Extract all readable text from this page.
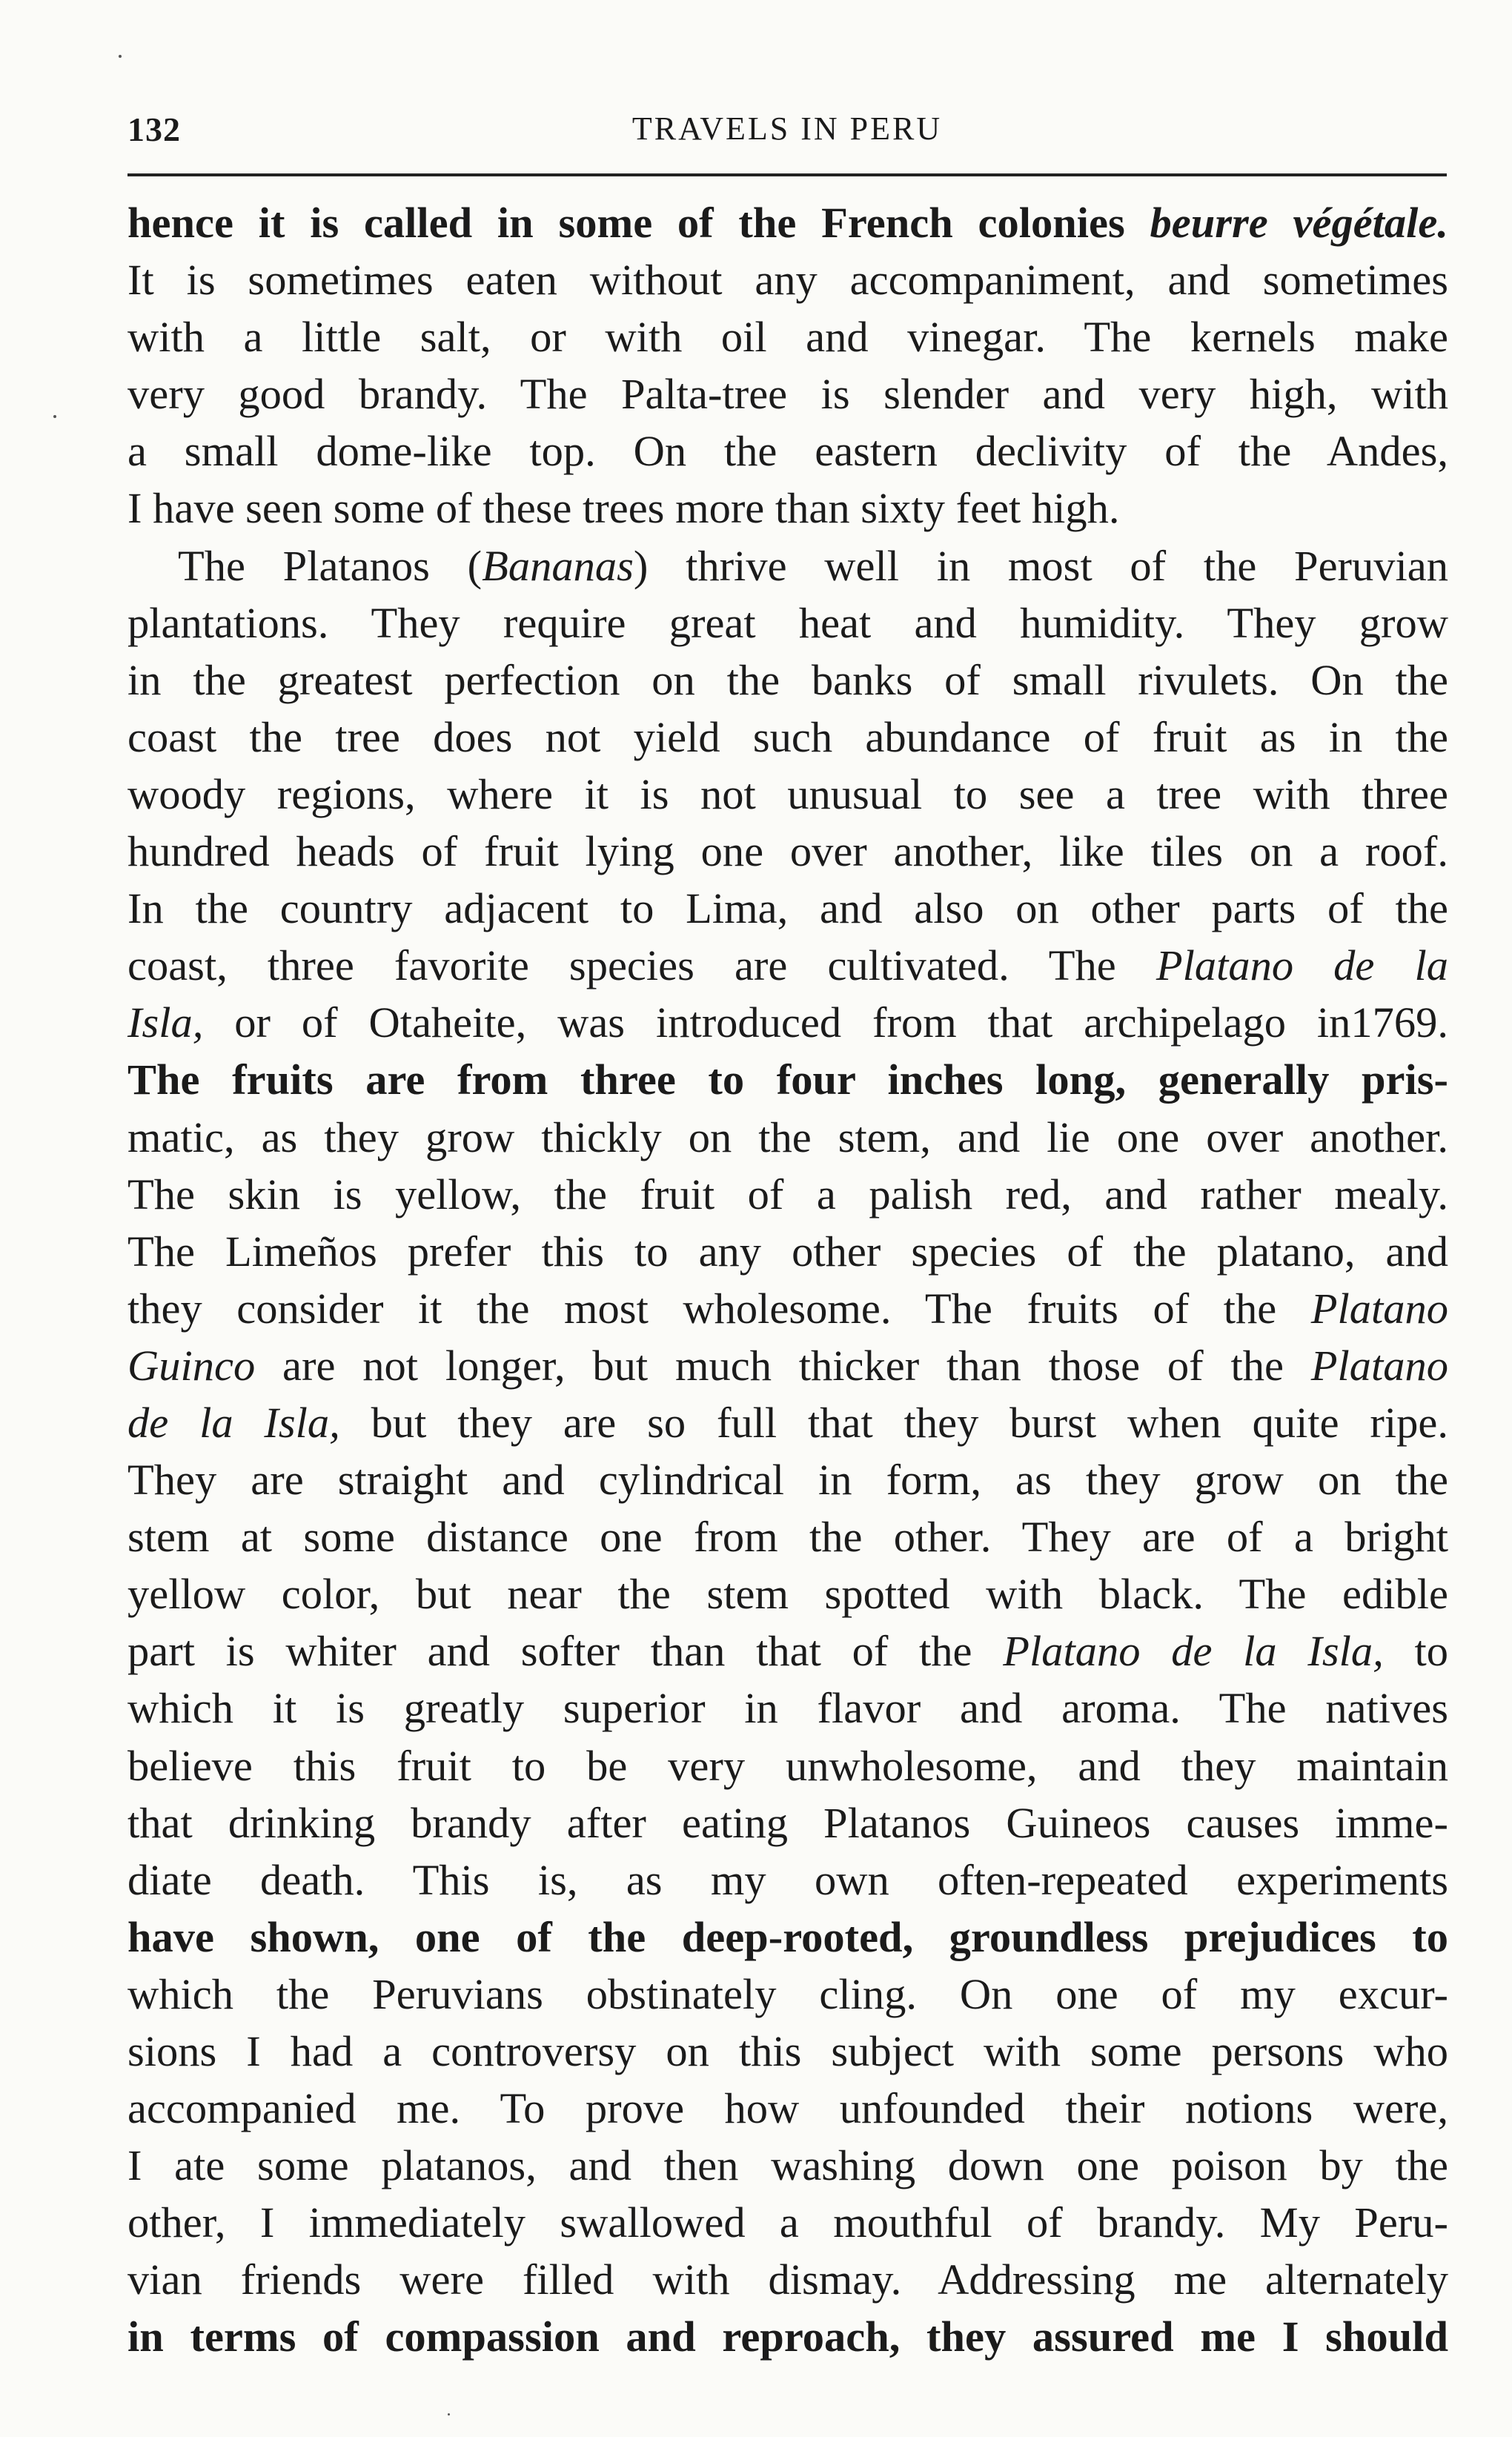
132	TRAVELS IN PERU
hence it is called in some of the French colonies beurre végétale.
It is sometimes eaten without any accompaniment, and sometimes
with a little salt, or with oil and vinegar. The kernels make
very good brandy. The Palta-tree is slender and very high, with
a small dome-like top. On the eastern declivity of the Andes,
I have seen some of these trees more than sixty feet high.
The Platanos (Bananas) thrive well in most of the Peruvian
plantations. They require great heat and humidity. They grow
in the greatest perfection on the banks of small rivulets. On the
coast the tree does not yield such abundance of fruit as in the
woody regions, where it is not unusual to see a tree with three
hundred heads of fruit lying one over another, like tiles on a roof.
In the country adjacent to Lima, and also on other parts of the
coast, three favorite species are cultivated. The Platano de la
Isla, or of Otaheite, was introduced from that archipelago in1769.
The fruits are from three to four inches long, generally pris-
matic, as they grow thickly on the stem, and lie one over another.
The skin is yellow, the fruit of a palish red, and rather mealy.
The Limeños prefer this to any other species of the platano, and
they consider it the most wholesome. The fruits of the Platano
Guinco are not longer, but much thicker than those of the Platano
de la Isla, but they are so full that they burst when quite ripe.
They are straight and cylindrical in form, as they grow on the
stem at some distance one from the other. They are of a bright
yellow color, but near the stem spotted with black. The edible
part is whiter and softer than that of the Platano de la Isla, to
which it is greatly superior in flavor and aroma. The natives
believe this fruit to be very unwholesome, and they maintain
that drinking brandy after eating Platanos Guineos causes imme-
diate death. This is, as my own often-repeated experiments
have shown, one of the deep-rooted, groundless prejudices to
which the Peruvians obstinately cling. On one of my excur-
sions I had a controversy on this subject with some persons who
accompanied me. To prove how unfounded their notions were,
I ate some platanos, and then washing down one poison by the
other, I immediately swallowed a mouthful of brandy. My Peru-
vian friends were filled with dismay. Addressing me alternately
in terms of compassion and reproach, they assured me I should
